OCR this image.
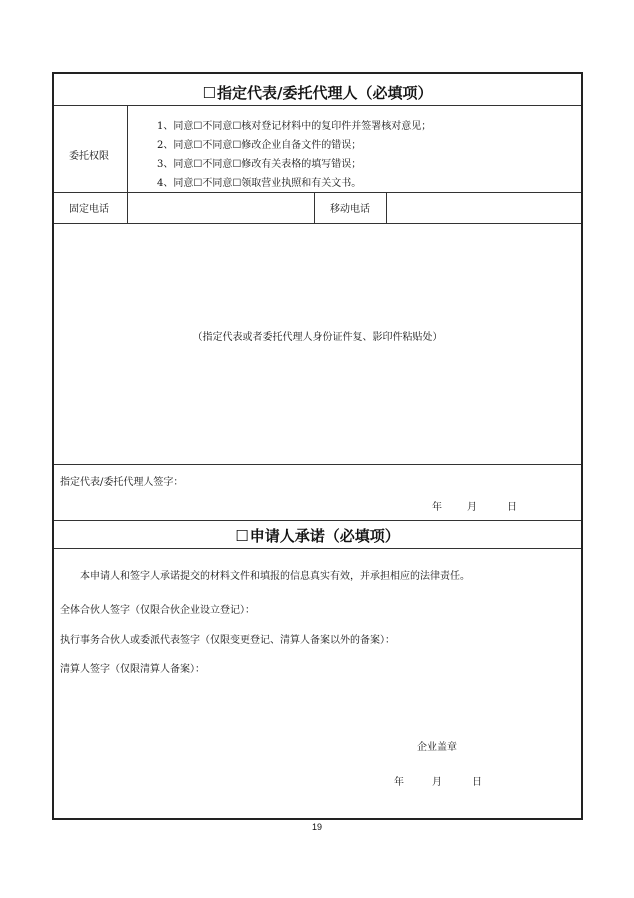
☐指定代表/委托代理人（必填项）
委托权限
1、同意☐不同意☐核对登记材料中的复印件并签署核对意见；
2、同意☐不同意☐修改企业自备文件的错误；
3、同意☐不同意☐修改有关表格的填写错误；
4、同意☐不同意☐领取营业执照和有关文书。
固定电话	移动电话
（指定代表或者委托代理人身份证件复、影印件粘贴处）
指定代表/委托代理人签字：
年	月	日
☐申请人承诺（必填项）
本申请人和签字人承诺提交的材料文件和填报的信息真实有效，并承担相应的法律责任。
全体合伙人签字（仅限合伙企业设立登记）：
执行事务合伙人或委派代表签字（仅限变更登记、清算人备案以外的备案）：
清算人签字（仅限清算人备案）：
企业盖章
年	月	日
19
